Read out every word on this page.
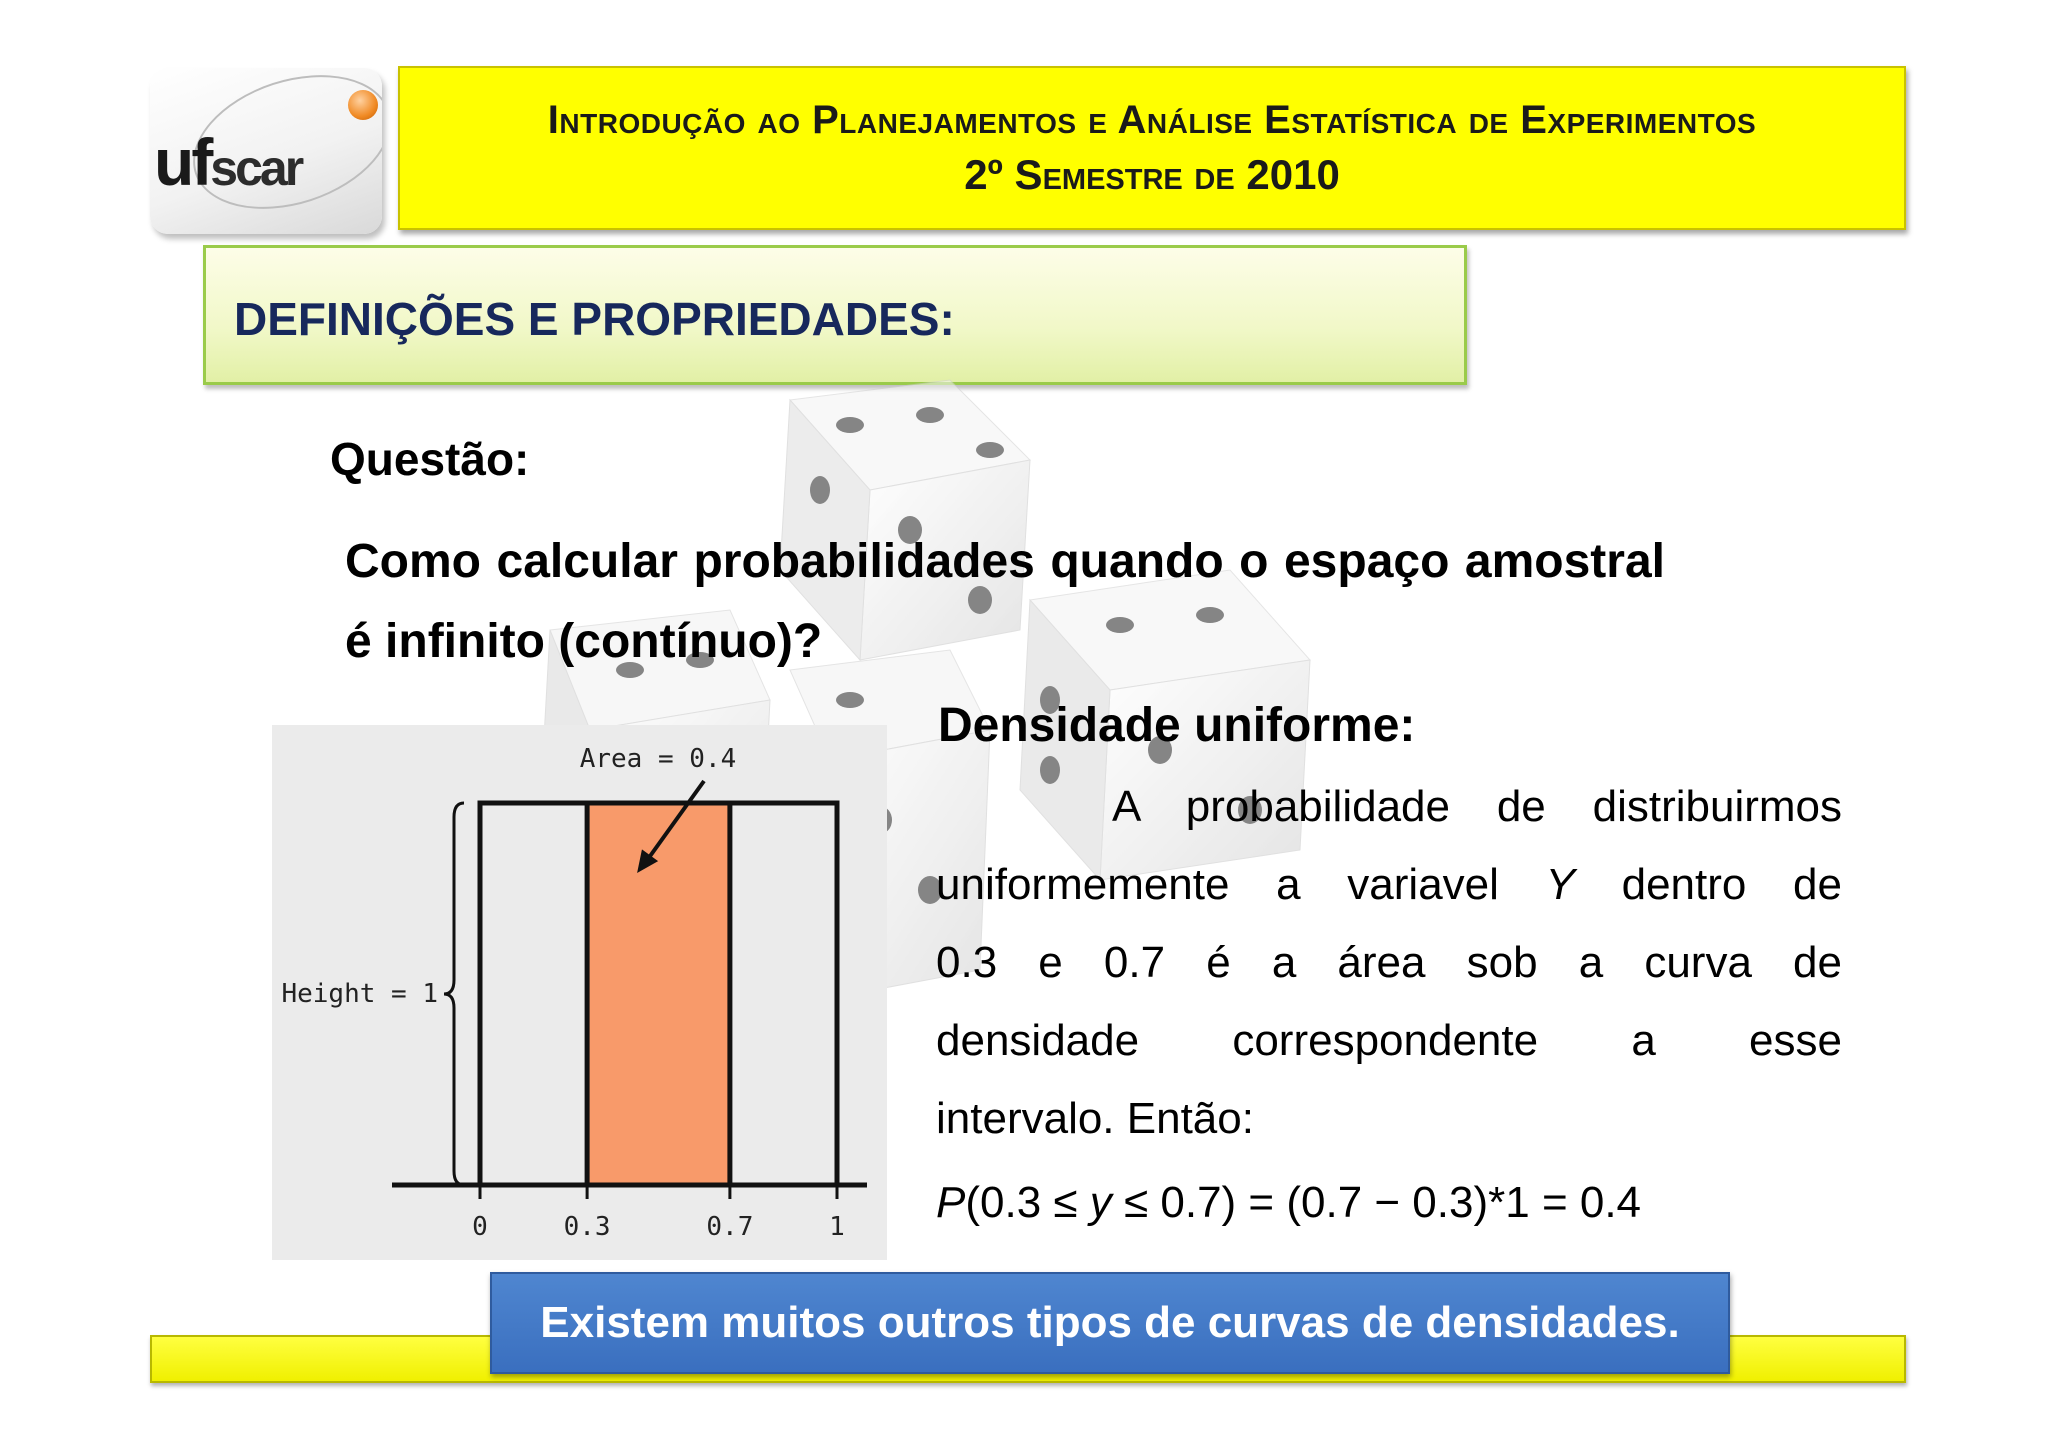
ufscar
Introdução ao Planejamentos e Análise Estatística de Experimentos
2º Semestre de 2010
DEFINIÇÕES E PROPRIEDADES:
Questão:
Como calcular probabilidades quando o espaço amostral é infinito (contínuo)?
Densidade uniforme:
A probabilidade de distribuirmos
uniformemente a variavel Y dentro de
0.3 e 0.7 é a área sob a curva de
densidade correspondente a esse
intervalo. Então:
P(0.3 ≤ y ≤ 0.7) = (0.7 − 0.3)*1 = 0.4
0	0.3	0.7	1
Height = 1
Area = 0.4
Existem muitos outros tipos de curvas de densidades.
